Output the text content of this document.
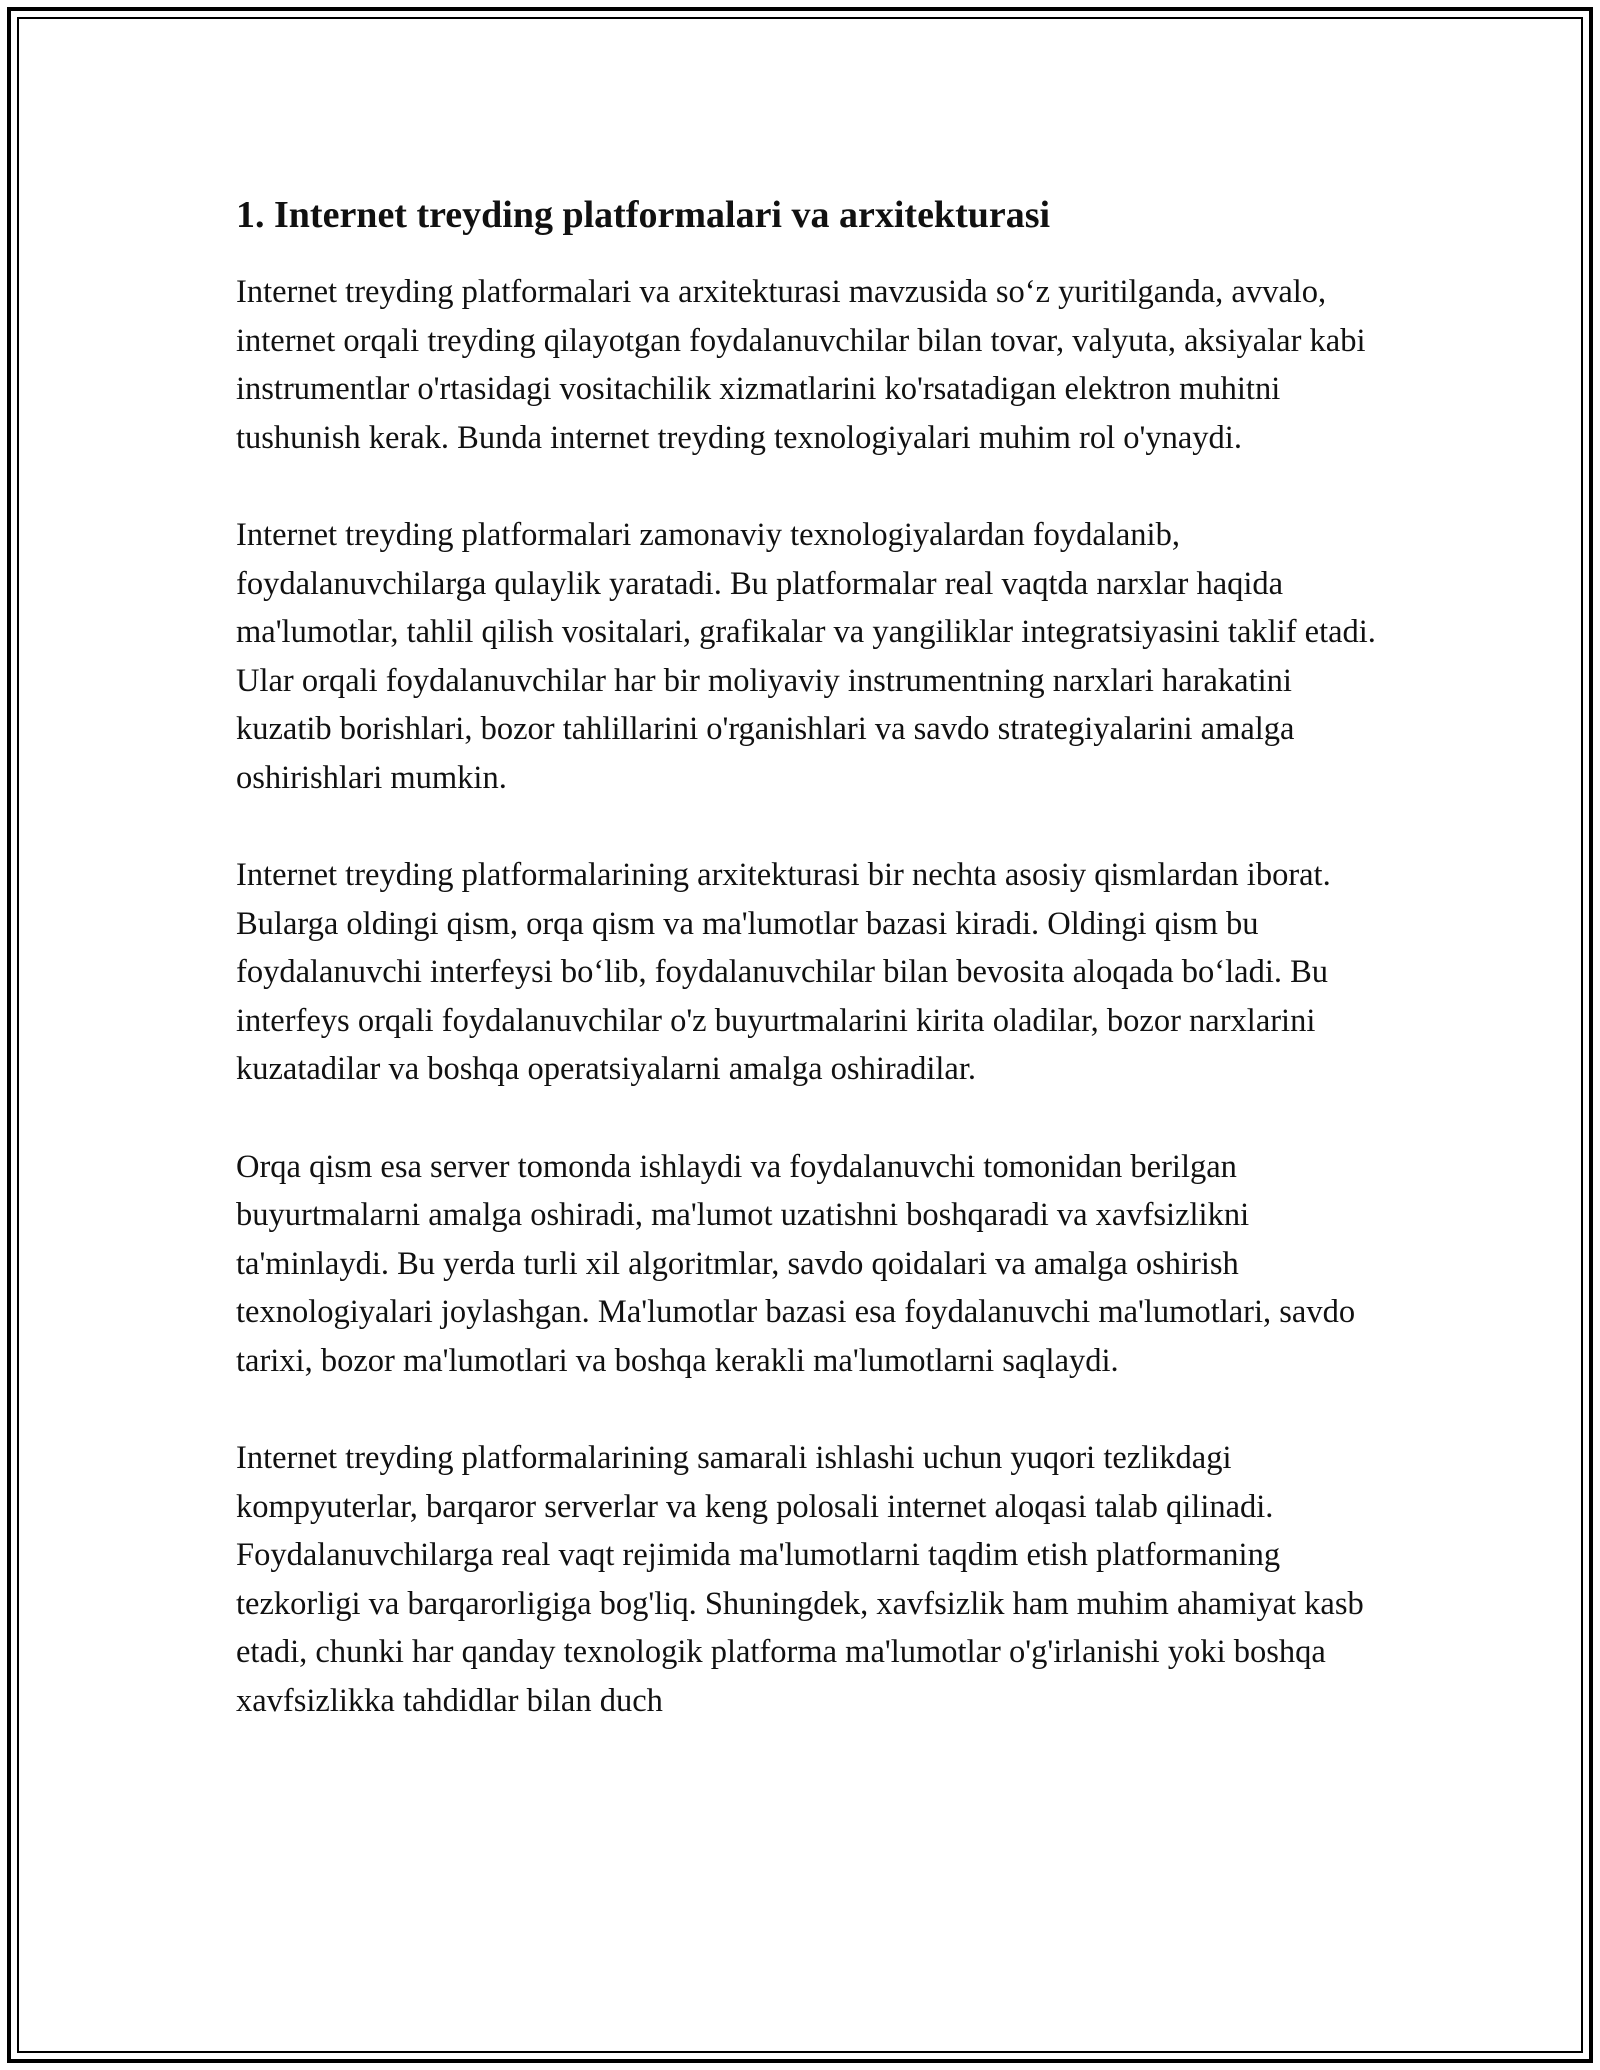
1. Internet treyding platformalari va arxitekturasi

Internet treyding platformalari va arxitekturasi mavzusida so‘z yuritilganda, avvalo, internet orqali treyding qilayotgan foydalanuvchilar bilan tovar, valyuta, aksiyalar kabi instrumentlar o'rtasidagi vositachilik xizmatlarini ko'rsatadigan elektron muhitni tushunish kerak. Bunda internet treyding texnologiyalari muhim rol o'ynaydi.

Internet treyding platformalari zamonaviy texnologiyalardan foydalanib, foydalanuvchilarga qulaylik yaratadi. Bu platformalar real vaqtda narxlar haqida ma'lumotlar, tahlil qilish vositalari, grafikalar va yangiliklar integratsiyasini taklif etadi. Ular orqali foydalanuvchilar har bir moliyaviy instrumentning narxlari harakatini kuzatib borishlari, bozor tahlillarini o'rganishlari va savdo strategiyalarini amalga oshirishlari mumkin.

Internet treyding platformalarining arxitekturasi bir nechta asosiy qismlardan iborat. Bularga oldingi qism, orqa qism va ma'lumotlar bazasi kiradi. Oldingi qism bu foydalanuvchi interfeysi bo‘lib, foydalanuvchilar bilan bevosita aloqada bo‘ladi. Bu interfeys orqali foydalanuvchilar o'z buyurtmalarini kirita oladilar, bozor narxlarini kuzatadilar va boshqa operatsiyalarni amalga oshiradilar.

Orqa qism esa server tomonda ishlaydi va foydalanuvchi tomonidan berilgan buyurtmalarni amalga oshiradi, ma'lumot uzatishni boshqaradi va xavfsizlikni ta'minlaydi. Bu yerda turli xil algoritmlar, savdo qoidalari va amalga oshirish texnologiyalari joylashgan. Ma'lumotlar bazasi esa foydalanuvchi ma'lumotlari, savdo tarixi, bozor ma'lumotlari va boshqa kerakli ma'lumotlarni saqlaydi.

Internet treyding platformalarining samarali ishlashi uchun yuqori tezlikdagi kompyuterlar, barqaror serverlar va keng polosali internet aloqasi talab qilinadi. Foydalanuvchilarga real vaqt rejimida ma'lumotlarni taqdim etish platformaning tezkorligi va barqarorligiga bog'liq. Shuningdek, xavfsizlik ham muhim ahamiyat kasb etadi, chunki har qanday texnologik platforma ma'lumotlar o'g'irlanishi yoki boshqa xavfsizlikka tahdidlar bilan duch
